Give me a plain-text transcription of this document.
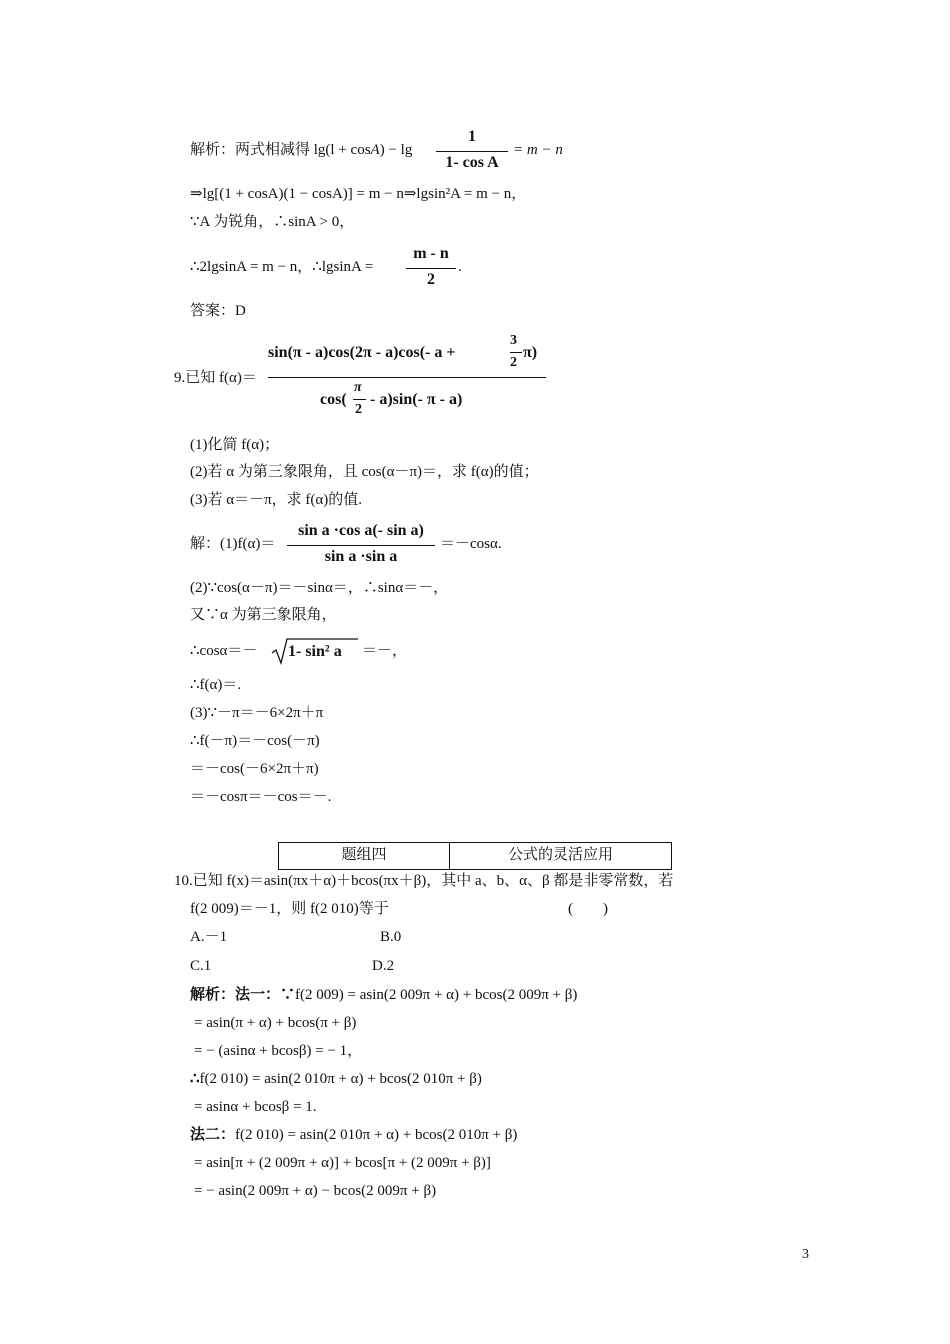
解析：两式相减得 lg(l + cosA) − lg
1
1- cos A
= m − n
⇒lg[(1 + cosA)(1 − cosA)] = m − n⇒lgsin²A = m − n，
∵A 为锐角，∴sinA > 0，
∴2lgsinA = m − n，∴lgsinA =
m - n
2
.
答案：D
9.已知 f(α)＝
sin(π - a)cos(2π - a)cos(- a +
3
2
π)
cos(
π
2
- a)sin(- π - a)
(1)化简 f(α)；
(2)若 α 为第三象限角，且 cos(α－π)＝，求 f(α)的值；
(3)若 α＝－π，求 f(α)的值.
解：(1)f(α)＝
sin a ·cos a(- sin a)
sin a ·sin a
＝－cosα.
(2)∵cos(α－π)＝－sinα＝，∴sinα＝－，
又∵α 为第三象限角，
∴cosα＝－ 1- sin² a ＝－，
∴f(α)＝.
(3)∵－π＝－6×2π＋π
∴f(－π)＝－cos(－π)
＝－cos(－6×2π＋π)
＝－cosπ＝－cos＝－.
题组四	公式的灵活应用
10.已知 f(x)＝asin(πx＋α)＋bcos(πx＋β)，其中 a、b、α、β 都是非零常数，若
f(2 009)＝－1，则 f(2 010)等于	(　　)
A.－1	B.0
C.1	D.2
解析：法一：∵f(2 009) = asin(2 009π + α) + bcos(2 009π + β)
= asin(π + α) + bcos(π + β)
= − (asinα + bcosβ) = − 1，
∴f(2 010) = asin(2 010π + α) + bcos(2 010π + β)
= asinα + bcosβ = 1.
法二：f(2 010) = asin(2 010π + α) + bcos(2 010π + β)
= asin[π + (2 009π + α)] + bcos[π + (2 009π + β)]
= − asin(2 009π + α) − bcos(2 009π + β)
3
